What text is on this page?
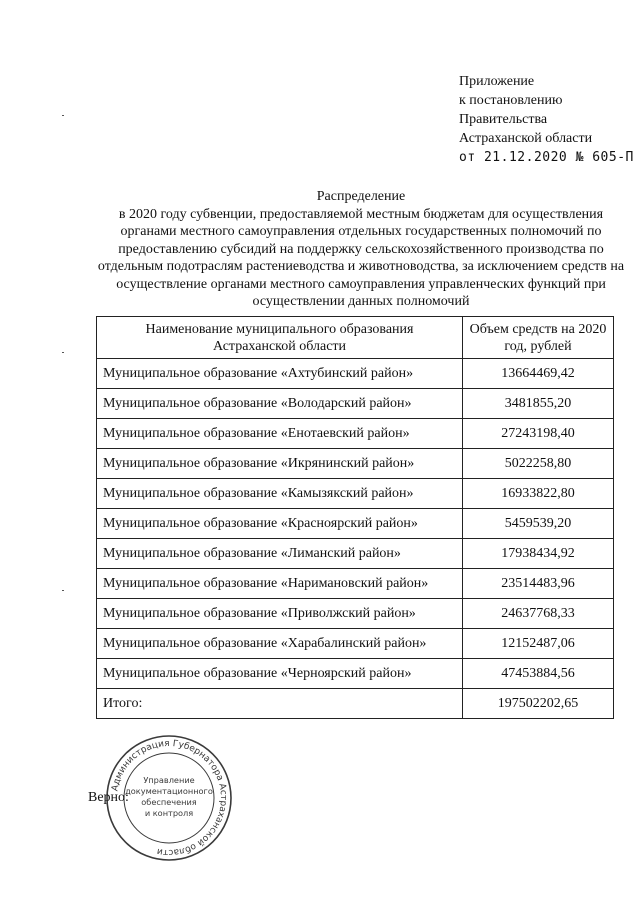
Приложение
к постановлению
Правительства
Астраханской области
от 21.12.2020 № 605-П
Распределение
в 2020 году субвенции, предоставляемой местным бюджетам для осуществления органами местного самоуправления отдельных государственных полномочий по предоставлению субсидий на поддержку сельскохозяйственного производства по отдельным подотраслям растениеводства и животноводства, за исключением средств на осуществление органами местного самоуправления управленческих функций при осуществлении данных полномочий
Наименование муниципального образования Астраханской области	Объем средств на 2020 год, рублей
Муниципальное образование «Ахтубинский район»	13664469,42
Муниципальное образование «Володарский район»	3481855,20
Муниципальное образование «Енотаевский район»	27243198,40
Муниципальное образование «Икрянинский район»	5022258,80
Муниципальное образование «Камызякский район»	16933822,80
Муниципальное образование «Красноярский район»	5459539,20
Муниципальное образование «Лиманский район»	17938434,92
Муниципальное образование «Наримановский район»	23514483,96
Муниципальное образование «Приволжский район»	24637768,33
Муниципальное образование «Харабалинский район»	12152487,06
Муниципальное образование «Черноярский район»	47453884,56
Итого:	197502202,65
Администрация Губернатора Астраханской области
Управление
документационного
обеспечения
и контроля
Верно:
